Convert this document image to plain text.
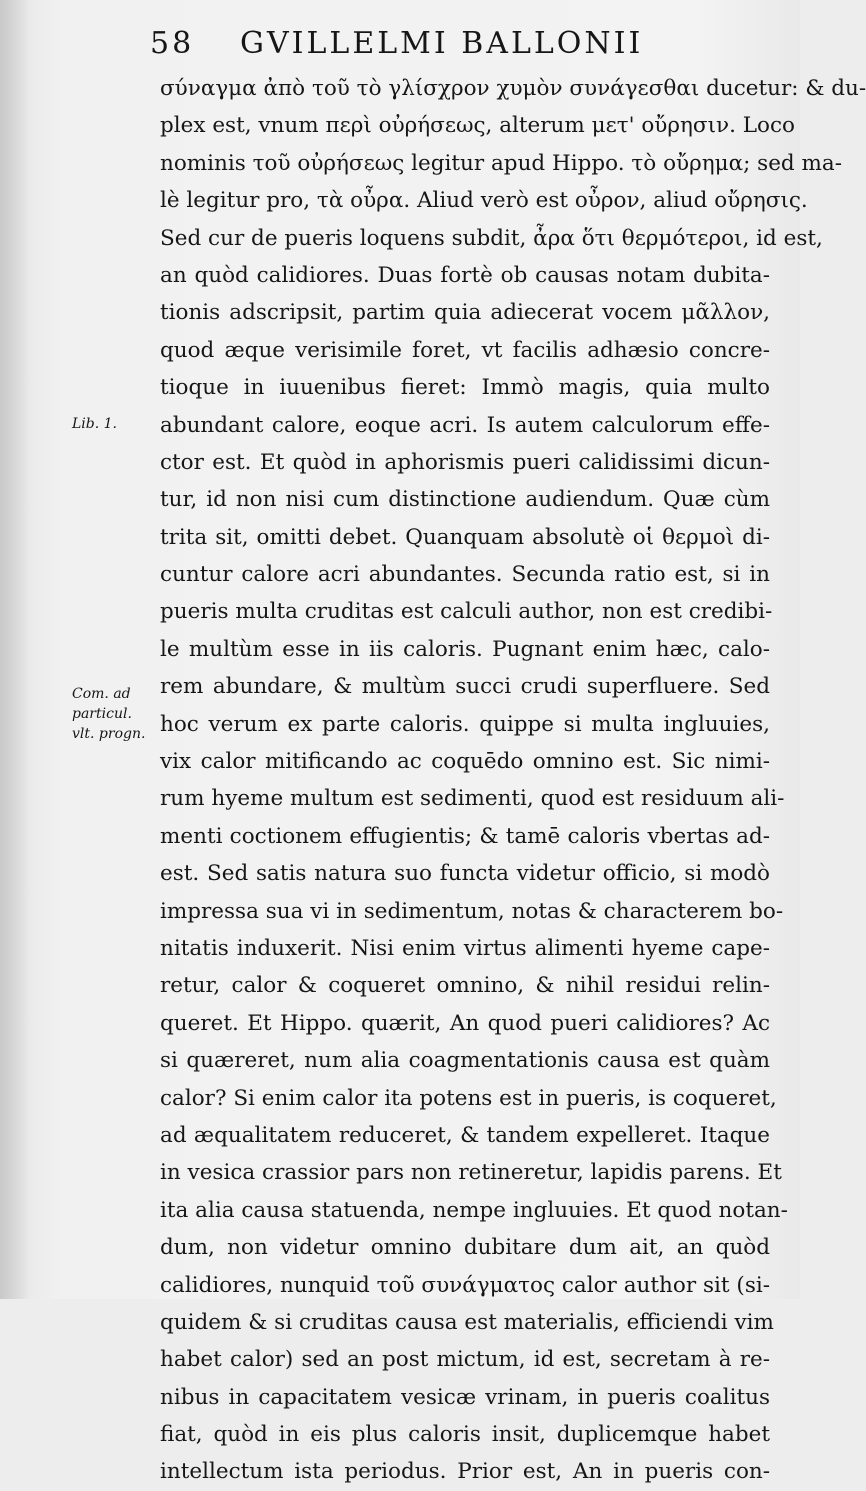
58 GVILLELMI BALLONII
σύναγμα ἀπὸ τοῦ τὸ γλίσχρον χυμὸν συνάγεσθαι ducetur: & du-
plex est, vnum περὶ οὐρήσεως, alterum μετ' οὔρησιν. Loco
nominis τοῦ οὐρήσεως legitur apud Hippo. τὸ οὔρημα; sed ma-
lè legitur pro, τὰ οὖρα. Aliud verò est οὖρον, aliud οὔρησις.
Sed cur de pueris loquens subdit, ἆρα ὅτι θερμότεροι, id est,
an quòd calidiores. Duas fortè ob causas notam dubita-
tionis adscripsit, partim quia adiecerat vocem μᾶλλον,
quod æque verisimile foret, vt facilis adhæsio concre-
tioque in iuuenibus fieret: Immò magis, quia multo
abundant calore, eoque acri. Is autem calculorum effe-
ctor est. Et quòd in aphorismis pueri calidissimi dicun-
tur, id non nisi cum distinctione audiendum. Quæ cùm
trita sit, omitti debet. Quanquam absolutè οἱ θερμοὶ di-
cuntur calore acri abundantes. Secunda ratio est, si in
pueris multa cruditas est calculi author, non est credibi-
le multùm esse in iis caloris. Pugnant enim hæc, calo-
rem abundare, & multùm succi crudi superfluere. Sed
hoc verum ex parte caloris. quippe si multa ingluuies,
vix calor mitificando ac coquēdo omnino est. Sic nimi-
rum hyeme multum est sedimenti, quod est residuum ali-
menti coctionem effugientis; & tamē caloris vbertas ad-
est. Sed satis natura suo functa videtur officio, si modò
impressa sua vi in sedimentum, notas & characterem bo-
nitatis induxerit. Nisi enim virtus alimenti hyeme cape-
retur, calor & coqueret omnino, & nihil residui relin-
queret. Et Hippo. quærit, An quod pueri calidiores? Ac
si quæreret, num alia coagmentationis causa est quàm
calor? Si enim calor ita potens est in pueris, is coqueret,
ad æqualitatem reduceret, & tandem expelleret. Itaque
in vesica crassior pars non retineretur, lapidis parens. Et
ita alia causa statuenda, nempe ingluuies. Et quod notan-
dum, non videtur omnino dubitare dum ait, an quòd
calidiores, nunquid τοῦ συνάγματος calor author sit (si-
quidem & si cruditas causa est materialis, efficiendi vim
habet calor) sed an post mictum, id est, secretam à re-
nibus in capacitatem vesicæ vrinam, in pueris coalitus
fiat, quòd in eis plus caloris insit, duplicemque habet
intellectum ista periodus. Prior est, An in pueris con-
Lib. 1.
Com. ad
particul.
vlt. progn.
